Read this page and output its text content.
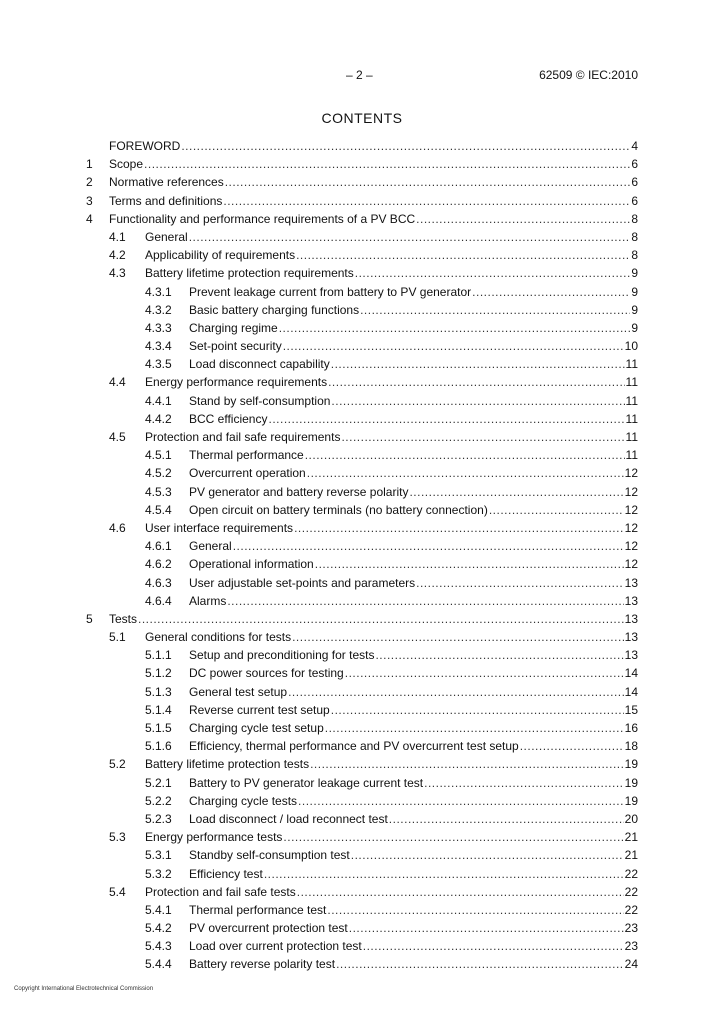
– 2 –	62509 © IEC:2010
CONTENTS
FOREWORD .....	4
1	Scope .....	6
2	Normative references .....	6
3	Terms and definitions .....	6
4	Functionality and performance requirements of a PV BCC .....	8
4.1	General .....	8
4.2	Applicability of requirements .....	8
4.3	Battery lifetime protection requirements .....	9
4.3.1	Prevent leakage current from battery to PV generator .....	9
4.3.2	Basic battery charging functions .....	9
4.3.3	Charging regime .....	9
4.3.4	Set-point security .....	10
4.3.5	Load disconnect capability .....	11
4.4	Energy performance requirements .....	11
4.4.1	Stand by self-consumption .....	11
4.4.2	BCC efficiency .....	11
4.5	Protection and fail safe requirements .....	11
4.5.1	Thermal performance .....	11
4.5.2	Overcurrent operation .....	12
4.5.3	PV generator and battery reverse polarity .....	12
4.5.4	Open circuit on battery terminals (no battery connection) .....	12
4.6	User interface requirements .....	12
4.6.1	General .....	12
4.6.2	Operational information .....	12
4.6.3	User adjustable set-points and parameters .....	13
4.6.4	Alarms .....	13
5	Tests .....	13
5.1	General conditions for tests .....	13
5.1.1	Setup and preconditioning for tests .....	13
5.1.2	DC power sources for testing .....	14
5.1.3	General test setup .....	14
5.1.4	Reverse current test setup .....	15
5.1.5	Charging cycle test setup .....	16
5.1.6	Efficiency, thermal performance and PV overcurrent test setup .....	18
5.2	Battery lifetime protection tests .....	19
5.2.1	Battery to PV generator leakage current test .....	19
5.2.2	Charging cycle tests .....	19
5.2.3	Load disconnect / load reconnect test .....	20
5.3	Energy performance tests .....	21
5.3.1	Standby self-consumption test .....	21
5.3.2	Efficiency test .....	22
5.4	Protection and fail safe tests .....	22
5.4.1	Thermal performance test .....	22
5.4.2	PV overcurrent protection test .....	23
5.4.3	Load over current protection test .....	23
5.4.4	Battery reverse polarity test .....	24
Copyright International Electrotechnical Commission
